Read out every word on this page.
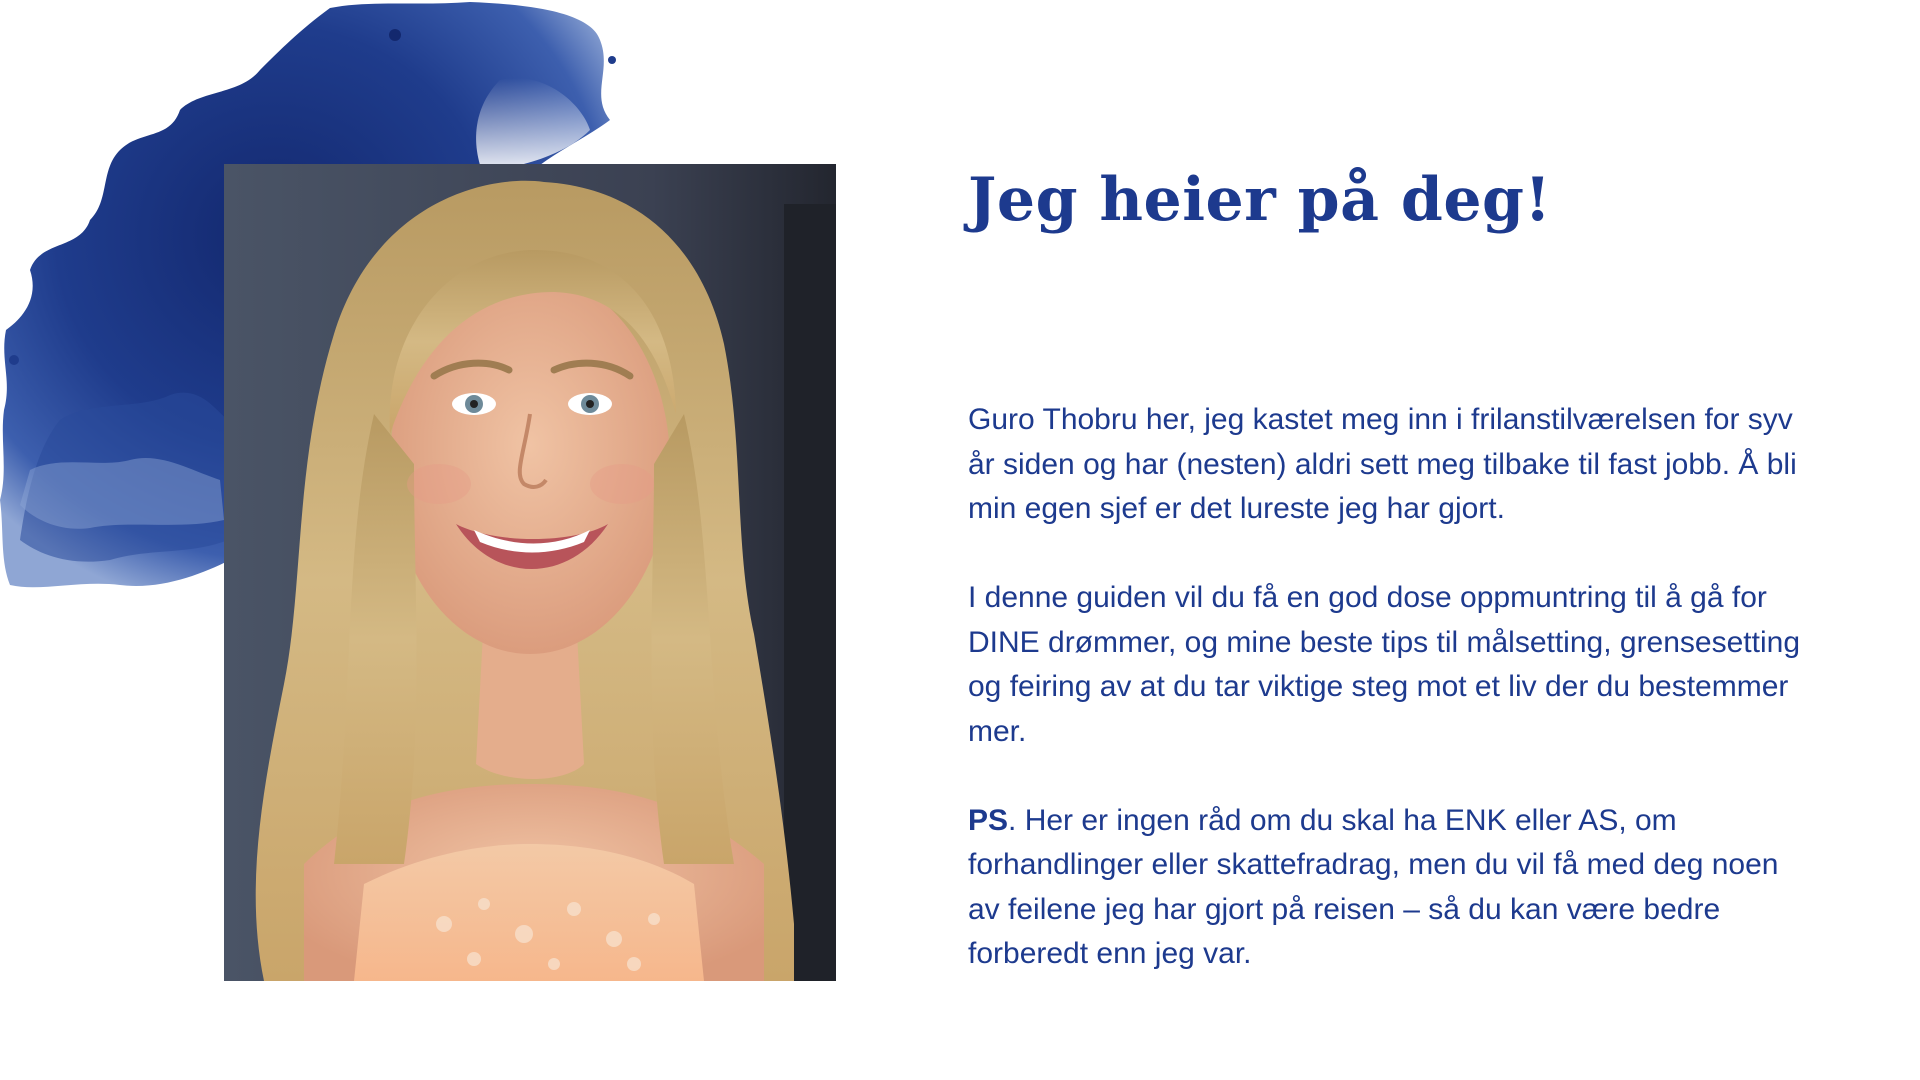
Jeg heier på deg!

Guro Thobru her, jeg kastet meg inn i frilanstilværelsen for syv år siden og har (nesten) aldri sett meg tilbake til fast jobb. Å bli min egen sjef er det lureste jeg har gjort.

I denne guiden vil du få en god dose oppmuntring til å gå for DINE drømmer, og mine beste tips til målsetting, grensesetting og feiring av at du tar viktige steg mot et liv der du bestemmer mer.

PS. Her er ingen råd om du skal ha ENK eller AS, om forhandlinger eller skattefradrag, men du vil få med deg noen av feilene jeg har gjort på reisen – så du kan være bedre forberedt enn jeg var.
